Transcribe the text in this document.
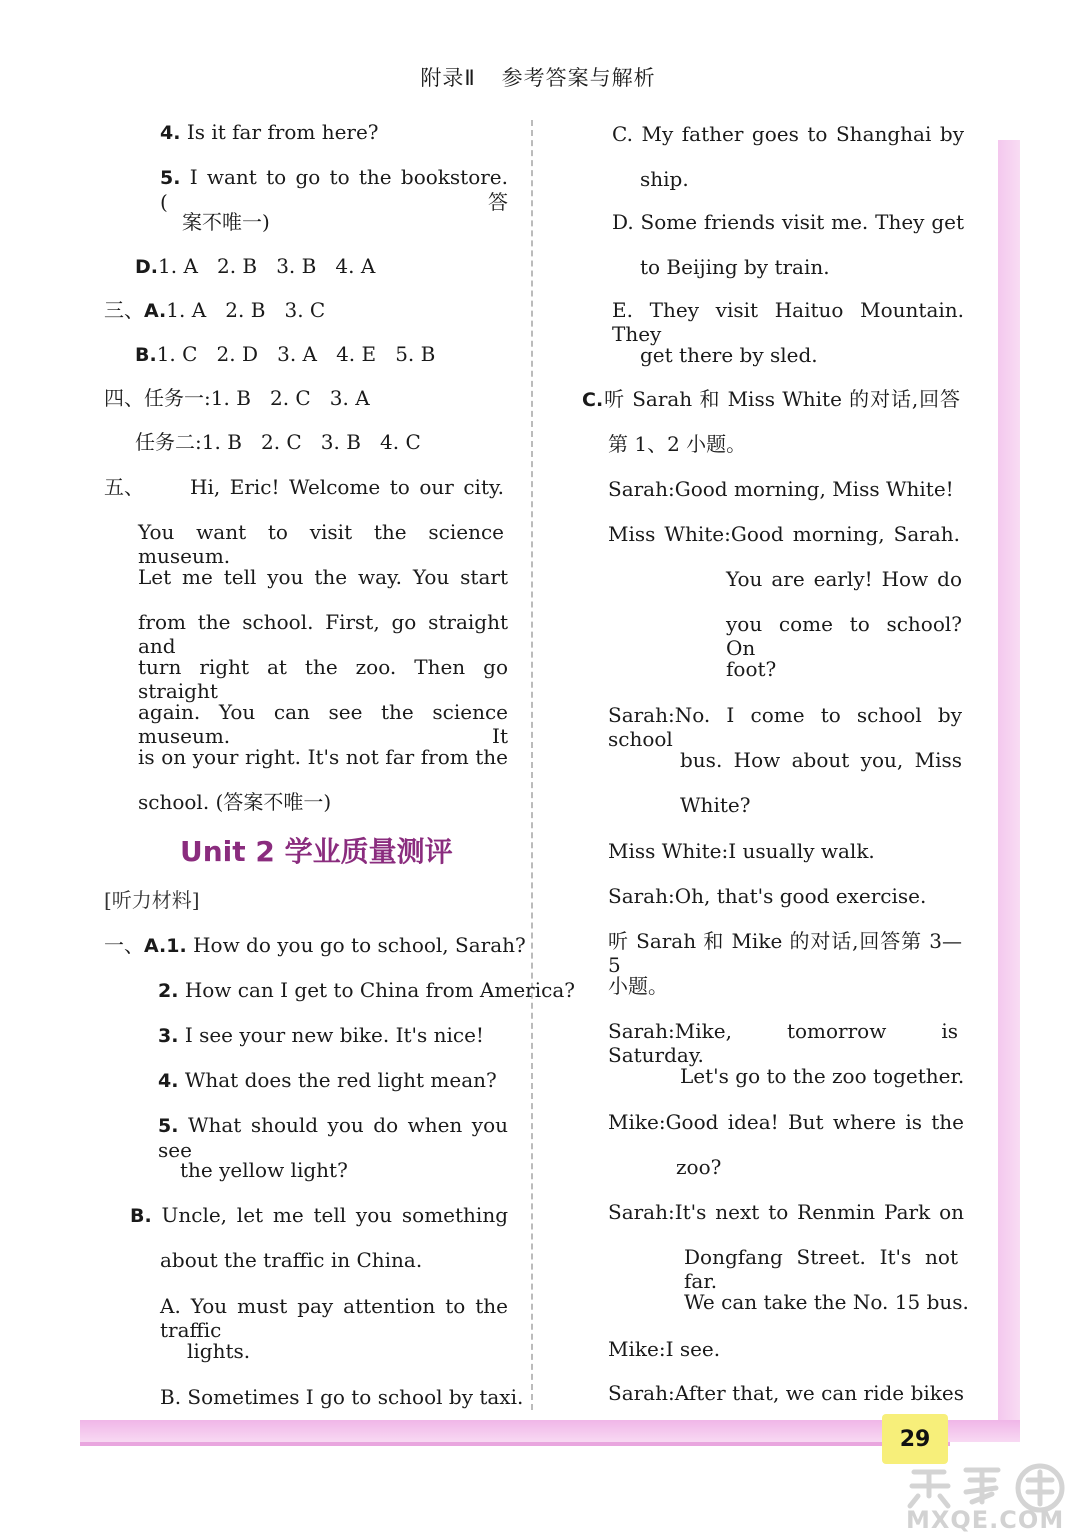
附录Ⅱ 参考答案与解析
4. Is it far from here?
5. I want to go to the bookstore. (答
案不唯一)
D.1. A 2. B 3. B 4. A
三、A.1. A 2. B 3. C
B.1. C 2. D 3. A 4. E 5. B
四、任务一:1. B 2. C 3. A
任务二:1. B 2. C 3. B 4. C
五、 Hi, Eric! Welcome to our city.
You want to visit the science museum.
Let me tell you the way. You start
from the school. First, go straight and
turn right at the zoo. Then go straight
again. You can see the science museum. It
is on your right. It's not far from the
school. (答案不唯一)
Unit 2 学业质量测评
[听力材料]
一、A.1. How do you go to school, Sarah?
2. How can I get to China from America?
3. I see your new bike. It's nice!
4. What does the red light mean?
5. What should you do when you see
the yellow light?
B. Uncle, let me tell you something
about the traffic in China.
A. You must pay attention to the traffic
lights.
B. Sometimes I go to school by taxi.
C. My father goes to Shanghai by
ship.
D. Some friends visit me. They get
to Beijing by train.
E. They visit Haituo Mountain. They
get there by sled.
C.听 Sarah 和 Miss White 的对话,回答
第 1、2 小题。
Sarah:Good morning, Miss White!
Miss White:Good morning, Sarah.
You are early! How do
you come to school? On
foot?
Sarah:No. I come to school by school
bus. How about you, Miss
White?
Miss White:I usually walk.
Sarah:Oh, that's good exercise.
听 Sarah 和 Mike 的对话,回答第 3—5
小题。
Sarah:Mike, tomorrow is Saturday.
Let's go to the zoo together.
Mike:Good idea! But where is the
zoo?
Sarah:It's next to Renmin Park on
Dongfang Street. It's not far.
We can take the No. 15 bus.
Mike:I see.
Sarah:After that, we can ride bikes
29
MXQE.COM
